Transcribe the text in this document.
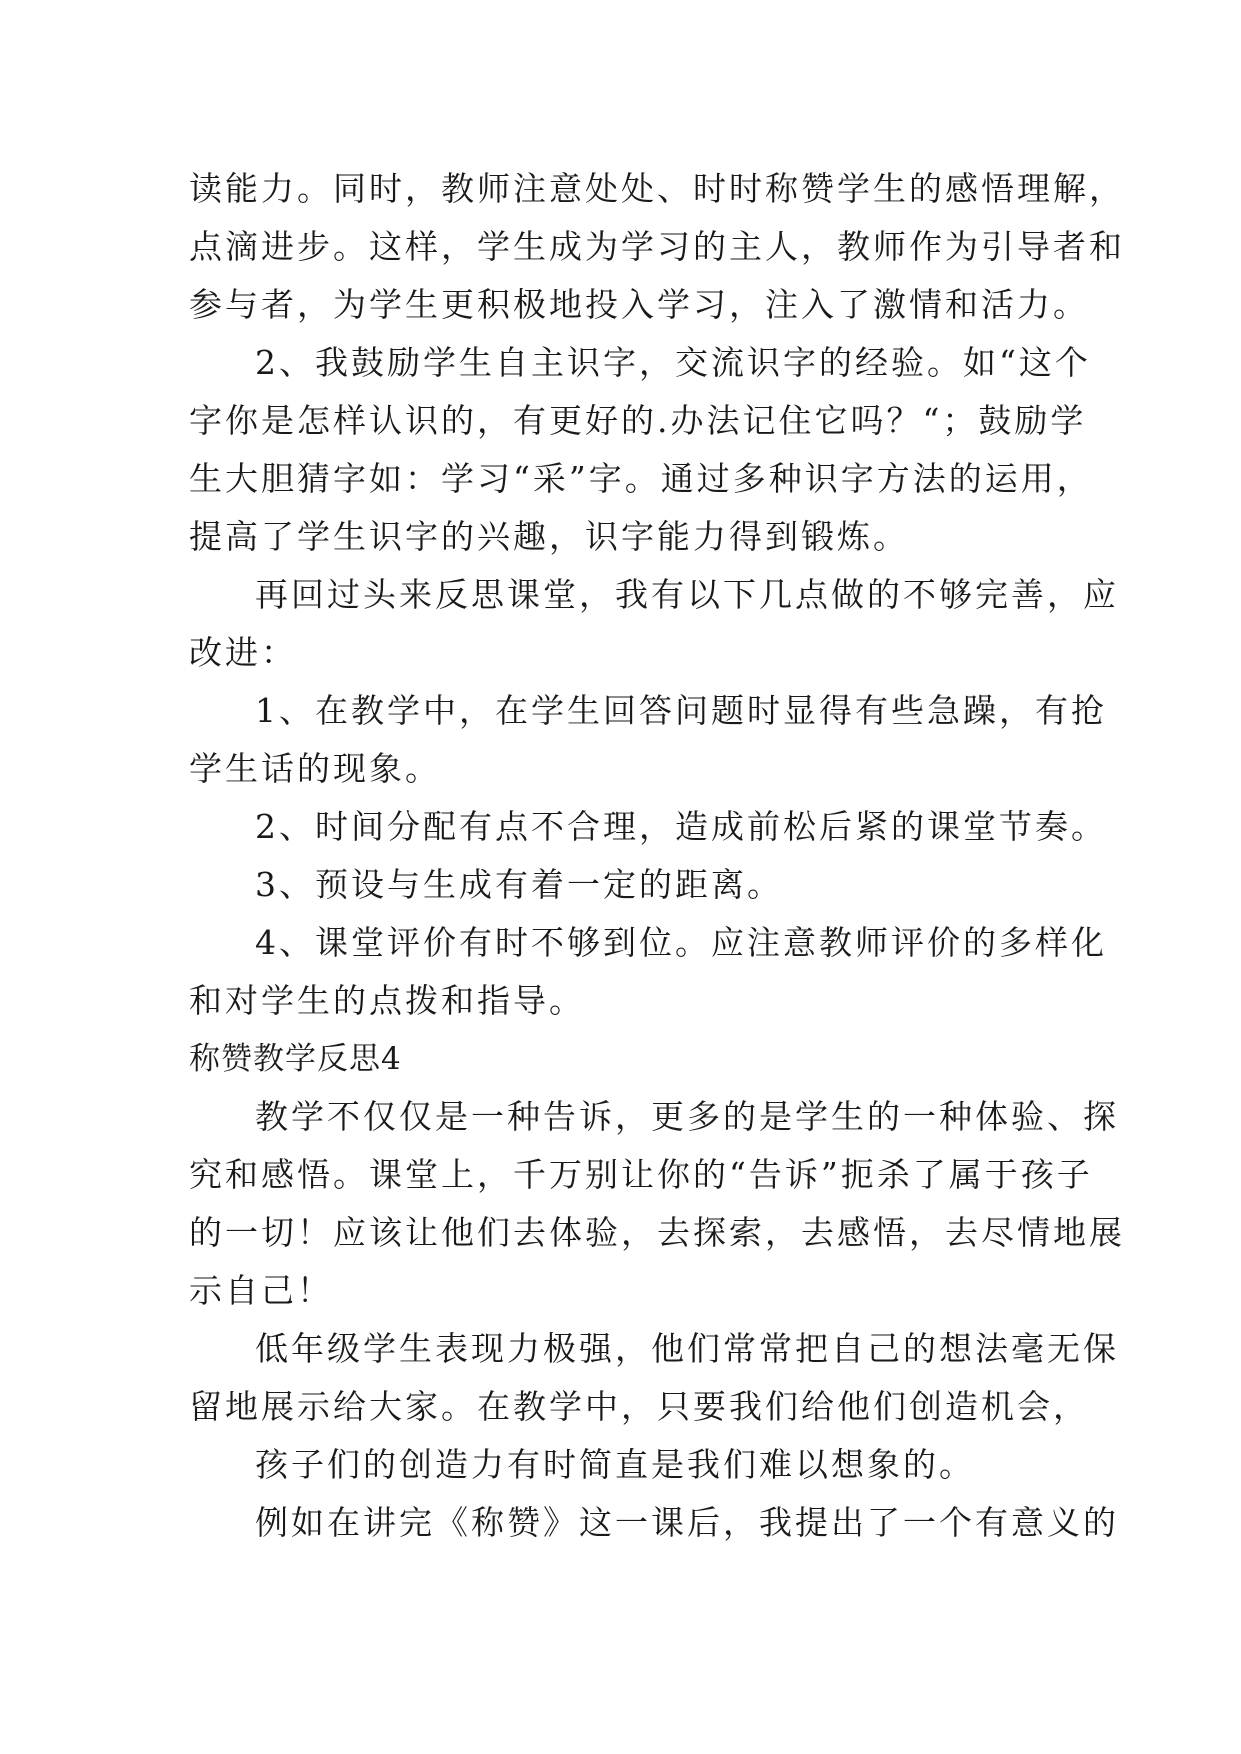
读能力。同时，教师注意处处、时时称赞学生的感悟理解，
点滴进步。这样，学生成为学习的主人，教师作为引导者和
参与者，为学生更积极地投入学习，注入了激情和活力。
2、我鼓励学生自主识字，交流识字的经验。如“这个
字你是怎样认识的，有更好的.办法记住它吗？“；鼓励学
生大胆猜字如：学习“采”字。通过多种识字方法的运用，
提高了学生识字的兴趣，识字能力得到锻炼。
再回过头来反思课堂，我有以下几点做的不够完善，应
改进：
1、在教学中，在学生回答问题时显得有些急躁，有抢
学生话的现象。
2、时间分配有点不合理，造成前松后紧的课堂节奏。
3、预设与生成有着一定的距离。
4、课堂评价有时不够到位。应注意教师评价的多样化
和对学生的点拨和指导。
称赞教学反思4
教学不仅仅是一种告诉，更多的是学生的一种体验、探
究和感悟。课堂上，千万别让你的“告诉”扼杀了属于孩子
的一切！应该让他们去体验，去探索，去感悟，去尽情地展
示自己！
低年级学生表现力极强，他们常常把自己的想法毫无保
留地展示给大家。在教学中，只要我们给他们创造机会，
孩子们的创造力有时简直是我们难以想象的。
例如在讲完《称赞》这一课后，我提出了一个有意义的
